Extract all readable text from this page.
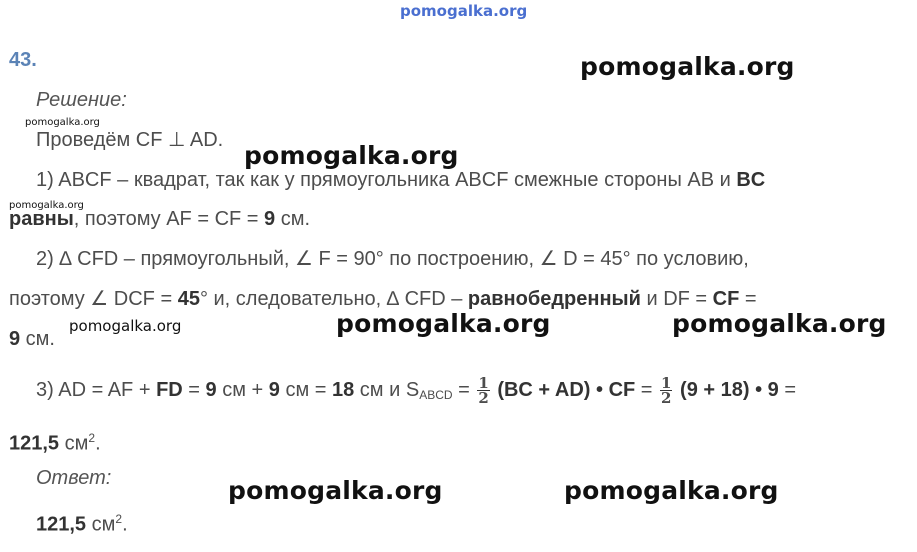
pomogalka.org
43.	pomogalka.org
Решение:
pomogalka.org
Проведём CF ⊥ AD.
pomogalka.org
1) ABCF – квадрат, так как у прямоугольника ABCF смежные стороны AB и BC
pomogalka.org
равны, поэтому AF = CF = 9 см.
2) ∆ CFD – прямоугольный, ∠ F = 90° по построению, ∠ D = 45° по условию,
поэтому ∠ DCF = 45° и, следовательно, ∆ CFD – равнобедренный и DF = CF =
pomogalka.org	pomogalka.org	pomogalka.org
9 см.
3) AD = AF + FD = 9 см + 9 см = 18 см и $S_{ABCD} = \frac{1}{2} (BC + AD)$ • CF = $\frac{1}{2} (9 + 18)$ • 9 =
121,5 $см^2$.
Ответ:	pomogalka.org	pomogalka.org
121,5 $см^2$.
